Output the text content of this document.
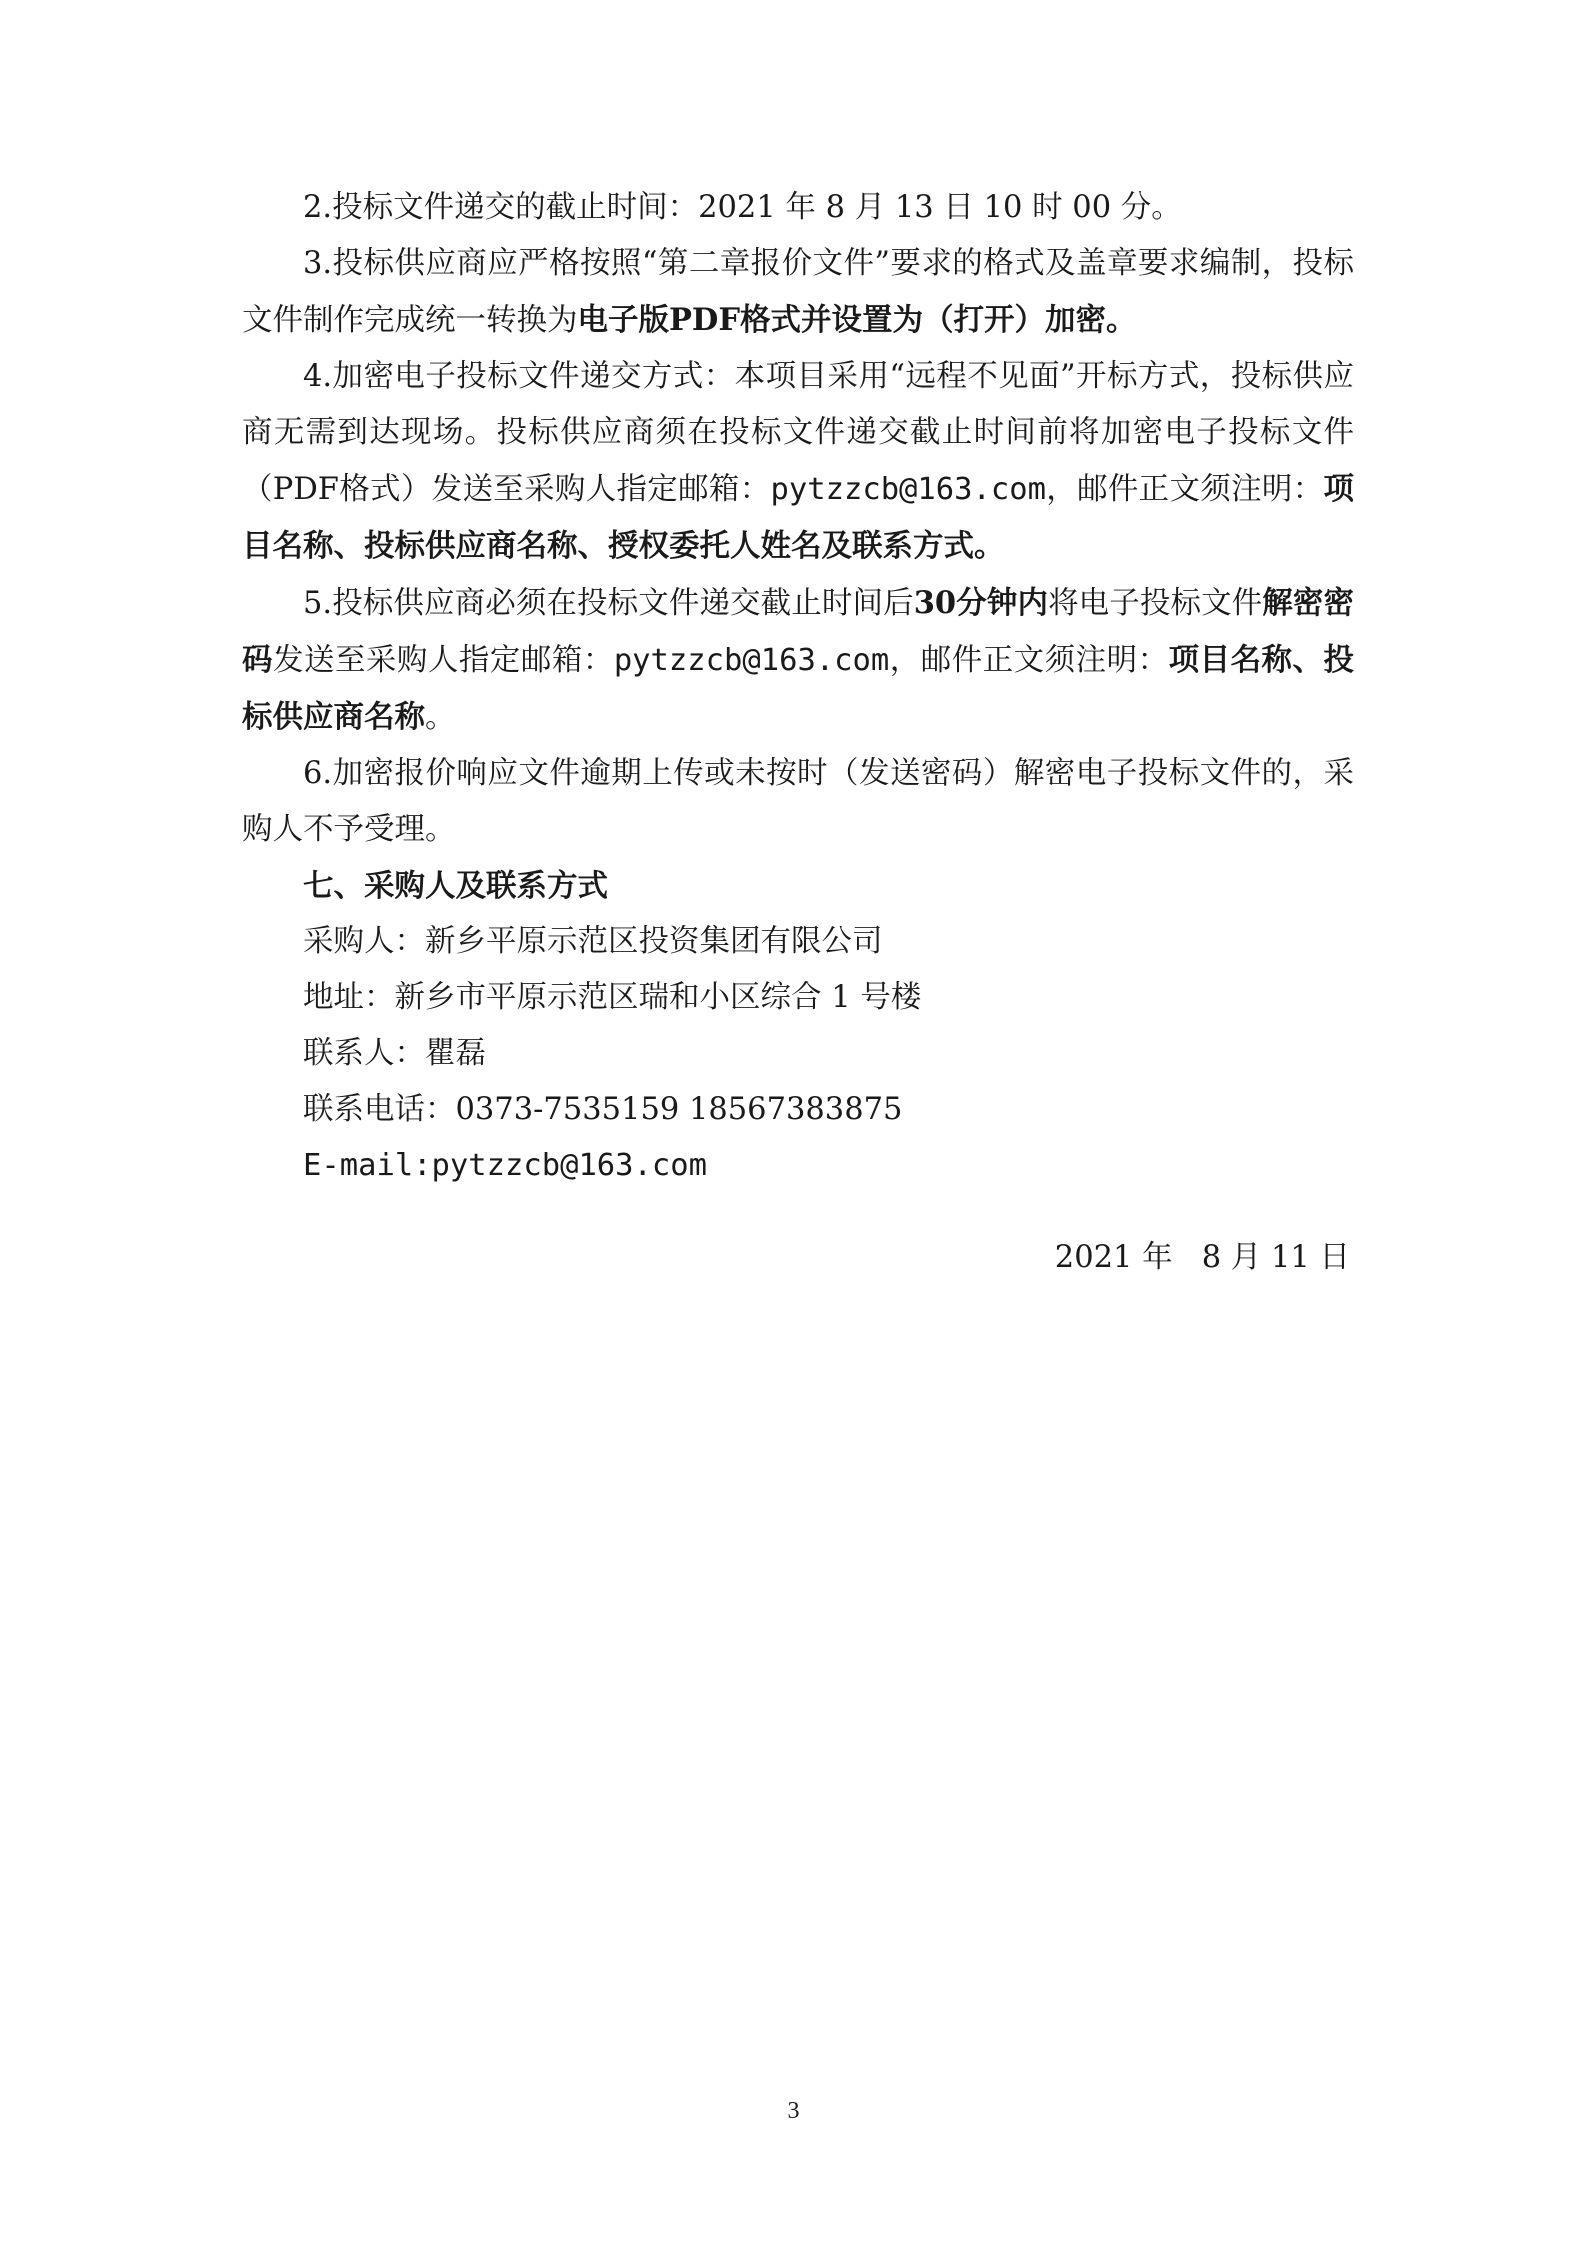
2.投标文件递交的截止时间：2021 年 8 月 13 日 10 时 00 分。

3.投标供应商应严格按照“第二章报价文件”要求的格式及盖章要求编制，投标文件制作完成统一转换为电子版PDF格式并设置为（打开）加密。

4.加密电子投标文件递交方式：本项目采用“远程不见面”开标方式，投标供应商无需到达现场。投标供应商须在投标文件递交截止时间前将加密电子投标文件（PDF格式）发送至采购人指定邮箱：pytzzcb@163.com，邮件正文须注明：项目名称、投标供应商名称、授权委托人姓名及联系方式。

5.投标供应商必须在投标文件递交截止时间后30分钟内将电子投标文件解密密码发送至采购人指定邮箱：pytzzcb@163.com，邮件正文须注明：项目名称、投标供应商名称。

6.加密报价响应文件逾期上传或未按时（发送密码）解密电子投标文件的，采购人不予受理。

七、采购人及联系方式

采购人：新乡平原示范区投资集团有限公司

地址：新乡市平原示范区瑞和小区综合 1 号楼

联系人：瞿磊

联系电话：0373-7535159 18567383875

E-mail:pytzzcb@163.com

2021 年   8 月 11 日

3
